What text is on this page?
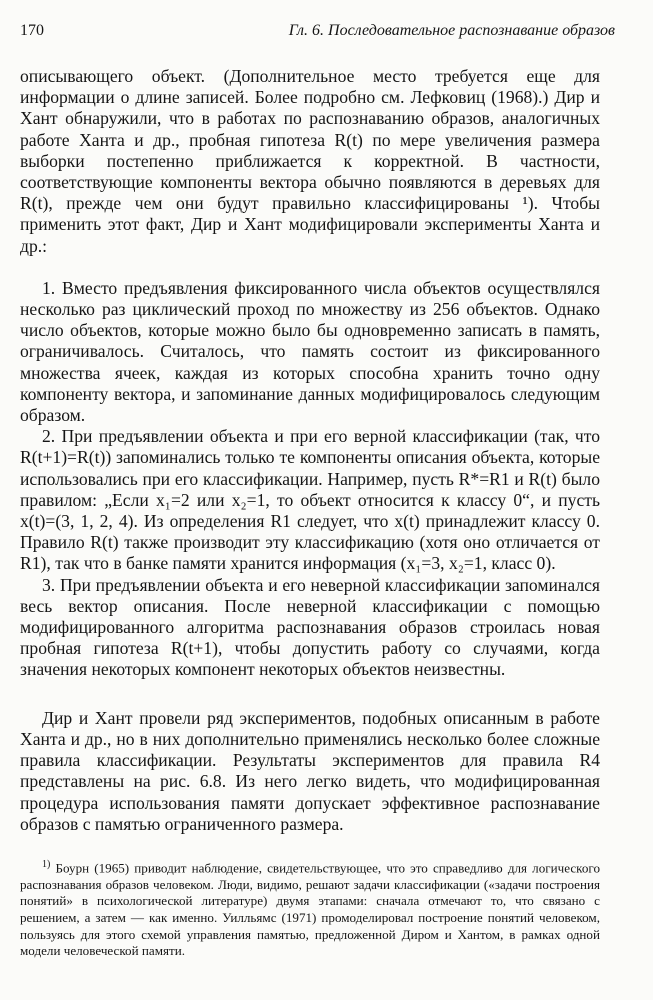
170	Гл. 6. Последовательное распознавание образов

описывающего объект. (Дополнительное место требуется еще для информации о длине записей. Более подробно см. Лефковиц (1968).) Дир и Хант обнаружили, что в работах по распознаванию образов, аналогичных работе Ханта и др., пробная гипотеза R(t) по мере увеличения размера выборки постепенно приближается к корректной. В частности, соответствующие компоненты вектора обычно появляются в деревьях для R(t), прежде чем они будут правильно классифицированы ¹). Чтобы применить этот факт, Дир и Хант модифицировали эксперименты Ханта и др.:

1. Вместо предъявления фиксированного числа объектов осуществлялся несколько раз циклический проход по множеству из 256 объектов. Однако число объектов, которые можно было бы одновременно записать в память, ограничивалось. Считалось, что память состоит из фиксированного множества ячеек, каждая из которых способна хранить точно одну компоненту вектора, и запоминание данных модифицировалось следующим образом.

2. При предъявлении объекта и при его верной классификации (так, что R(t+1)=R(t)) запоминались только те компоненты описания объекта, которые использовались при его классификации. Например, пусть R*=R1 и R(t) было правилом: „Если x₁=2 или x₂=1, то объект относится к классу 0“, и пусть x(t)=(3, 1, 2, 4). Из определения R1 следует, что x(t) принадлежит классу 0. Правило R(t) также производит эту классификацию (хотя оно отличается от R1), так что в банке памяти хранится информация (x₁=3, x₂=1, класс 0).

3. При предъявлении объекта и его неверной классификации запоминался весь вектор описания. После неверной классификации с помощью модифицированного алгоритма распознавания образов строилась новая пробная гипотеза R(t+1), чтобы допустить работу со случаями, когда значения некоторых компонент некоторых объектов неизвестны.

Дир и Хант провели ряд экспериментов, подобных описанным в работе Ханта и др., но в них дополнительно применялись несколько более сложные правила классификации. Результаты экспериментов для правила R4 представлены на рис. 6.8. Из него легко видеть, что модифицированная процедура использования памяти допускает эффективное распознавание образов с памятью ограниченного размера.

$^{1)}$ Боурн (1965) приводит наблюдение, свидетельствующее, что это справедливо для логического распознавания образов человеком. Люди, видимо, решают задачи классификации («задачи построения понятий» в психологической литературе) двумя этапами: сначала отмечают то, что связано с решением, а затем — как именно. Уилльямс (1971) промоделировал построение понятий человеком, пользуясь для этого схемой управления памятью, предложенной Диром и Хантом, в рамках одной модели человеческой памяти.
